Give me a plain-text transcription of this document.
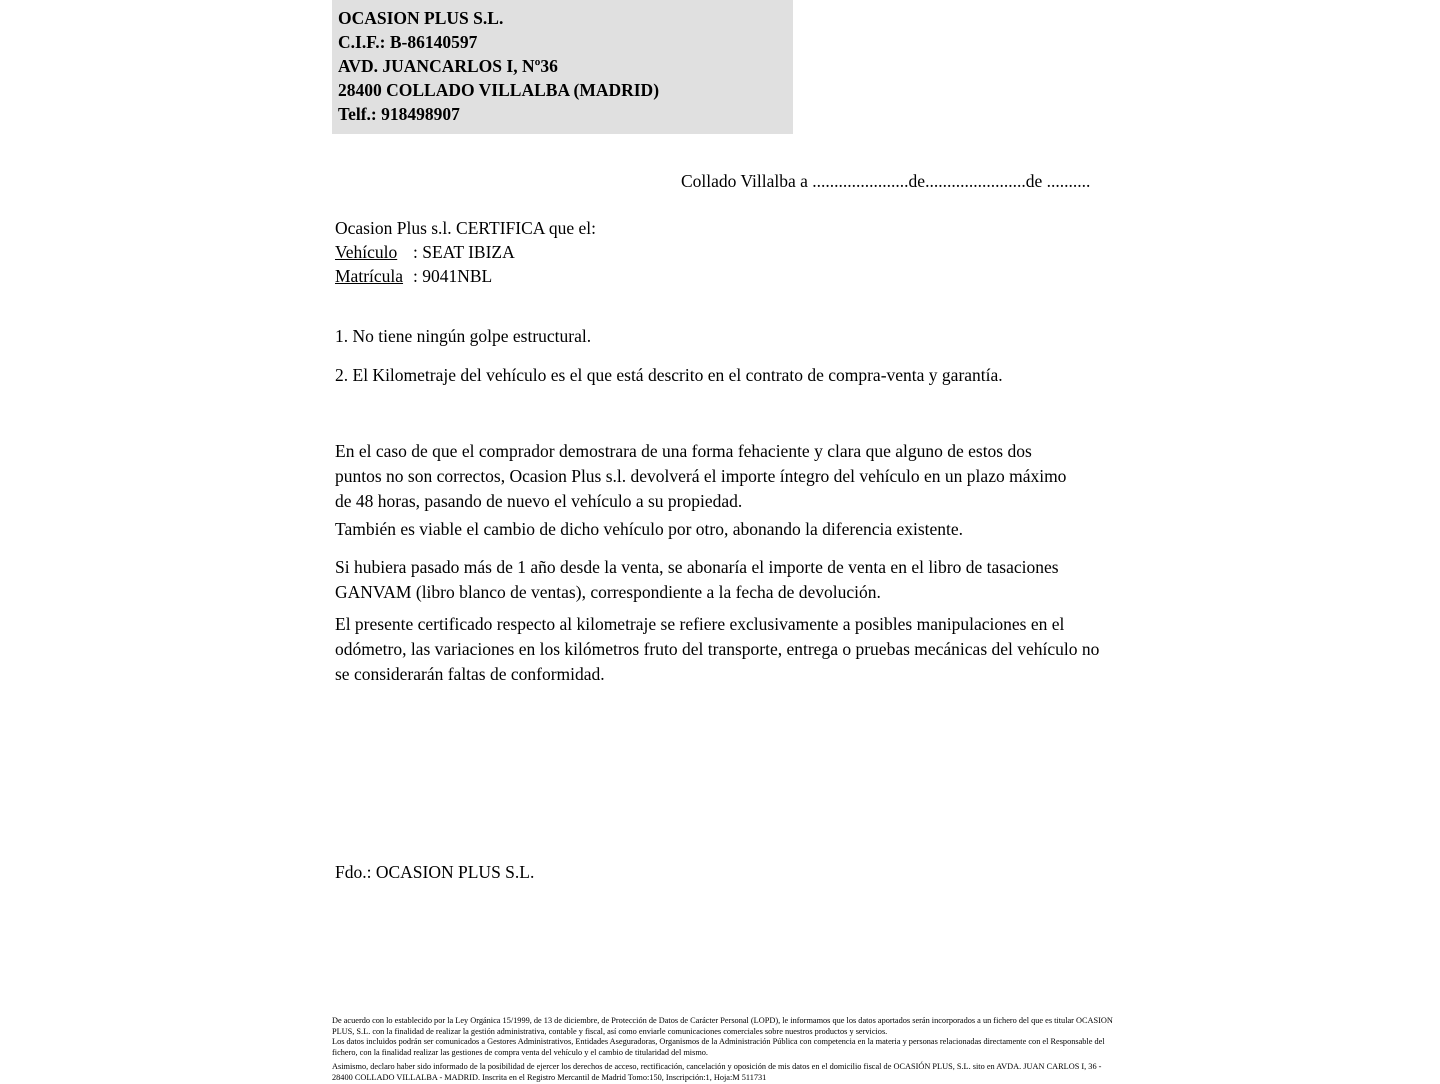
OCASION PLUS S.L.
C.I.F.: B-86140597
AVD. JUANCARLOS I, Nº36
28400 COLLADO VILLALBA (MADRID)
Telf.: 918498907
Collado Villalba a ......................de.......................de ..........
Ocasion Plus s.l. CERTIFICA que el:
Vehículo : SEAT IBIZA
Matrícula : 9041NBL
1. No tiene ningún golpe estructural.
2. El Kilometraje del vehículo es el que está descrito en el contrato de compra-venta y garantía.
En el caso de que el comprador demostrara de una forma fehaciente y clara que alguno de estos dos puntos no son correctos, Ocasion Plus s.l. devolverá el importe íntegro del vehículo en un plazo máximo de 48 horas, pasando de nuevo el vehículo a su propiedad.
También es viable el cambio de dicho vehículo por otro, abonando la diferencia existente.
Si hubiera pasado más de 1 año desde la venta, se abonaría el importe de venta en el libro de tasaciones GANVAM (libro blanco de ventas), correspondiente a la fecha de devolución.
El presente certificado respecto al kilometraje se refiere exclusivamente a posibles manipulaciones en el odómetro, las variaciones en los kilómetros fruto del transporte, entrega o pruebas mecánicas del vehículo no se considerarán faltas de conformidad.
Fdo.: OCASION PLUS S.L.

De acuerdo con lo establecido por la Ley Orgánica 15/1999, de 13 de diciembre, de Protección de Datos de Carácter Personal (LOPD), le informamos que los datos aportados serán incorporados a un fichero del que es titular OCASION PLUS, S.L. con la finalidad de realizar la gestión administrativa, contable y fiscal, así como enviarle comunicaciones comerciales sobre nuestros productos y servicios.

Los datos incluidos podrán ser comunicados a Gestores Administrativos, Entidades Aseguradoras, Organismos de la Administración Pública con competencia en la materia y personas relacionadas directamente con el Responsable del fichero, con la finalidad realizar las gestiones de compra venta del vehículo y el cambio de titularidad del mismo.

Asimismo, declaro haber sido informado de la posibilidad de ejercer los derechos de acceso, rectificación, cancelación y oposición de mis datos en el domicilio fiscal de OCASIÓN PLUS, S.L. sito en AVDA. JUAN CARLOS I, 36 - 28400 COLLADO VILLALBA - MADRID. Inscrita en el Registro Mercantil de Madrid Tomo:150, Inscripción:1, Hoja:M 511731
